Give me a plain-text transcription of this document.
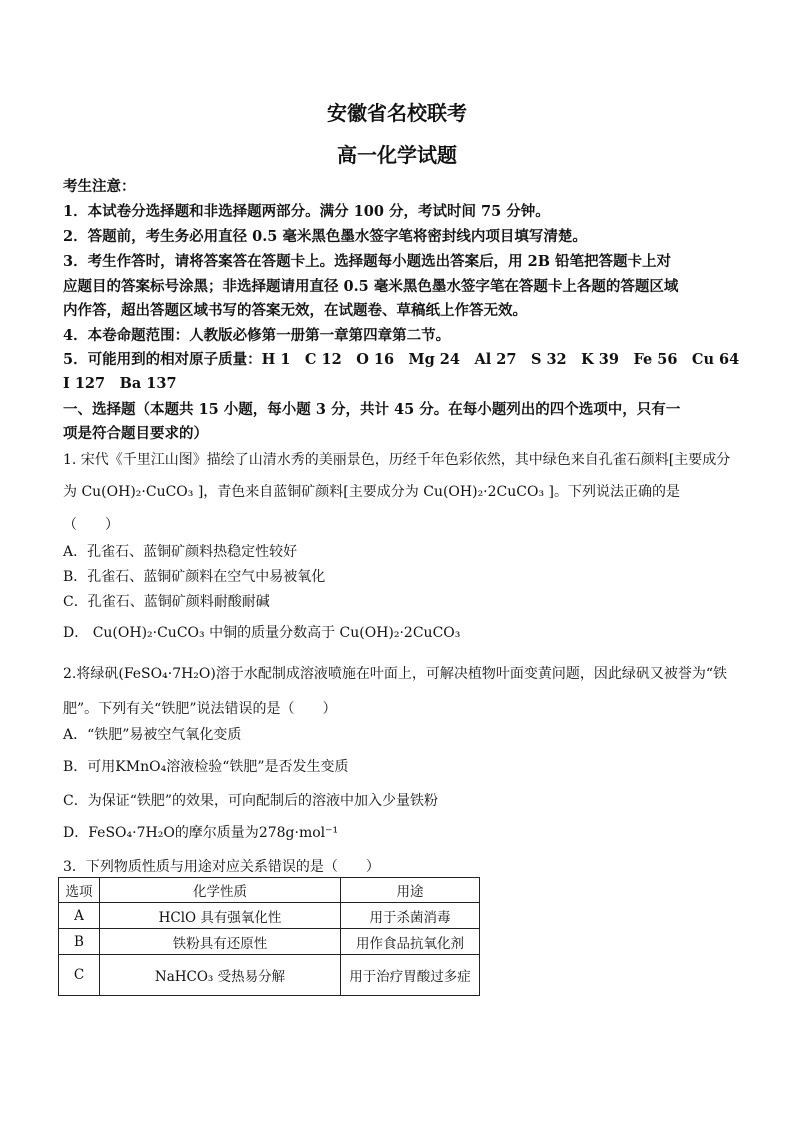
安徽省名校联考
高一化学试题
考生注意：
1．本试卷分选择题和非选择题两部分。满分 100 分，考试时间 75 分钟。
2．答题前，考生务必用直径 0.5 毫米黑色墨水签字笔将密封线内项目填写清楚。
3．考生作答时，请将答案答在答题卡上。选择题每小题选出答案后，用 2B 铅笔把答题卡上对
应题目的答案标号涂黑；非选择题请用直径 0.5 毫米黑色墨水签字笔在答题卡上各题的答题区域
内作答，超出答题区域书写的答案无效，在试题卷、草稿纸上作答无效。
4．本卷命题范围：人教版必修第一册第一章第四章第二节。
5．可能用到的相对原子质量：H 1　C 12　O 16　Mg 24　Al 27　S 32　K 39　Fe 56　Cu 64
I 127　Ba 137
一、选择题（本题共 15 小题，每小题 3 分，共计 45 分。在每小题列出的四个选项中，只有一
项是符合题目要求的）
1. 宋代《千里江山图》描绘了山清水秀的美丽景色，历经千年色彩依然，其中绿色来自孔雀石颜料[主要成分
为 Cu(OH)₂·CuCO₃ ]，青色来自蓝铜矿颜料[主要成分为 Cu(OH)₂·2CuCO₃ ]。下列说法正确的是
（　　）
A．孔雀石、蓝铜矿颜料热稳定性较好
B．孔雀石、蓝铜矿颜料在空气中易被氧化
C．孔雀石、蓝铜矿颜料耐酸耐碱
D． Cu(OH)₂·CuCO₃ 中铜的质量分数高于 Cu(OH)₂·2CuCO₃
2.将绿矾(FeSO₄·7H₂O)溶于水配制成溶液喷施在叶面上，可解决植物叶面变黄问题，因此绿矾又被誉为“铁
肥”。下列有关“铁肥”说法错误的是（　　）
A．“铁肥”易被空气氧化变质
B．可用KMnO₄溶液检验“铁肥”是否发生变质
C．为保证“铁肥”的效果，可向配制后的溶液中加入少量铁粉
D．FeSO₄·7H₂O的摩尔质量为278g·mol⁻¹
3．下列物质性质与用途对应关系错误的是（　　）
选项	化学性质	用途
A	HClO 具有强氧化性	用于杀菌消毒
B	铁粉具有还原性	用作食品抗氧化剂
C	NaHCO₃ 受热易分解	用于治疗胃酸过多症
